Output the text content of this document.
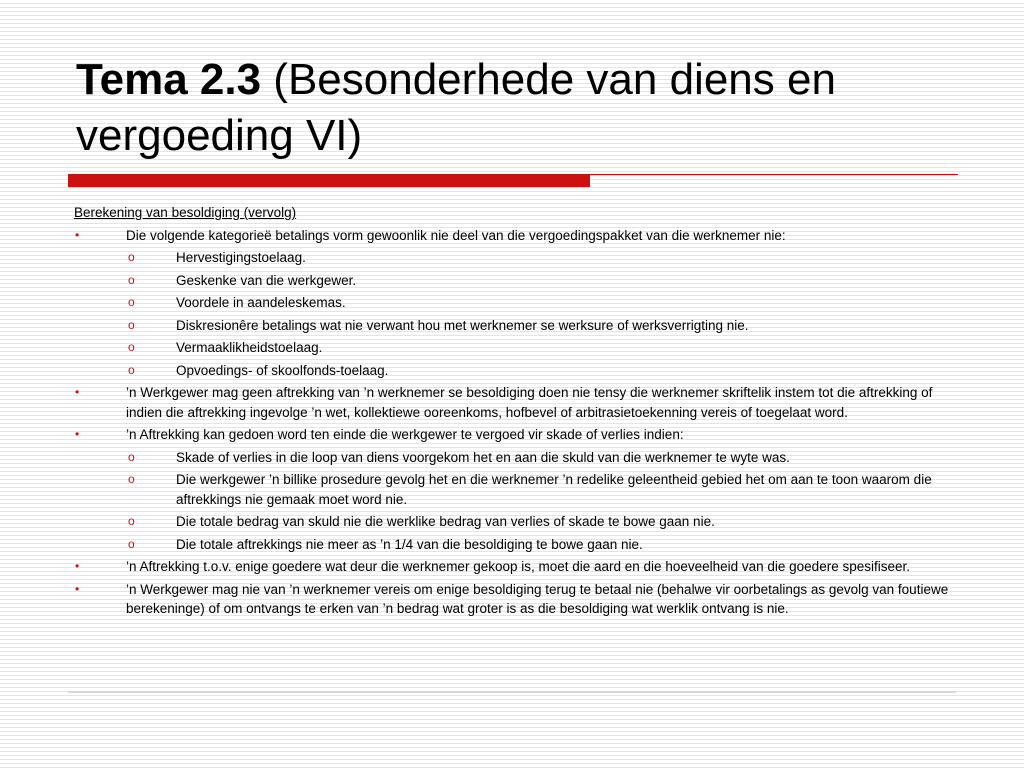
Tema 2.3 (Besonderhede van diens en vergoeding VI)
Berekening van besoldiging (vervolg)
•	Die volgende kategorieë betalings vorm gewoonlik nie deel van die vergoedingspakket van die werknemer nie:
o	Hervestigingstoelaag.
o	Geskenke van die werkgewer.
o	Voordele in aandeleskemas.
o	Diskresionêre betalings wat nie verwant hou met werknemer se werksure of werksverrigting nie.
o	Vermaaklikheidstoelaag.
o	Opvoedings- of skoolfonds-toelaag.
•	’n Werkgewer mag geen aftrekking van ’n werknemer se besoldiging doen nie tensy die werknemer skriftelik instem tot die aftrekking of indien die aftrekking ingevolge ’n wet, kollektiewe ooreenkoms, hofbevel of arbitrasietoekenning vereis of toegelaat word.
•	’n Aftrekking kan gedoen word ten einde die werkgewer te vergoed vir skade of verlies indien:
o	Skade of verlies in die loop van diens voorgekom het en aan die skuld van die werknemer te wyte was.
o	Die werkgewer ’n billike prosedure gevolg het en die werknemer ’n redelike geleentheid gebied het om aan te toon waarom die aftrekkings nie gemaak moet word nie.
o	Die totale bedrag van skuld nie die werklike bedrag van verlies of skade te bowe gaan nie.
o	Die totale aftrekkings nie meer as ’n 1/4 van die besoldiging te bowe gaan nie.
•	’n Aftrekking t.o.v. enige goedere wat deur die werknemer gekoop is, moet die aard en die hoeveelheid van die goedere spesifiseer.
•	’n Werkgewer mag nie van ’n werknemer vereis om enige besoldiging terug te betaal nie (behalwe vir oorbetalings as gevolg van foutiewe berekeninge) of om ontvangs te erken van ’n bedrag wat groter is as die besoldiging wat werklik ontvang is nie.
